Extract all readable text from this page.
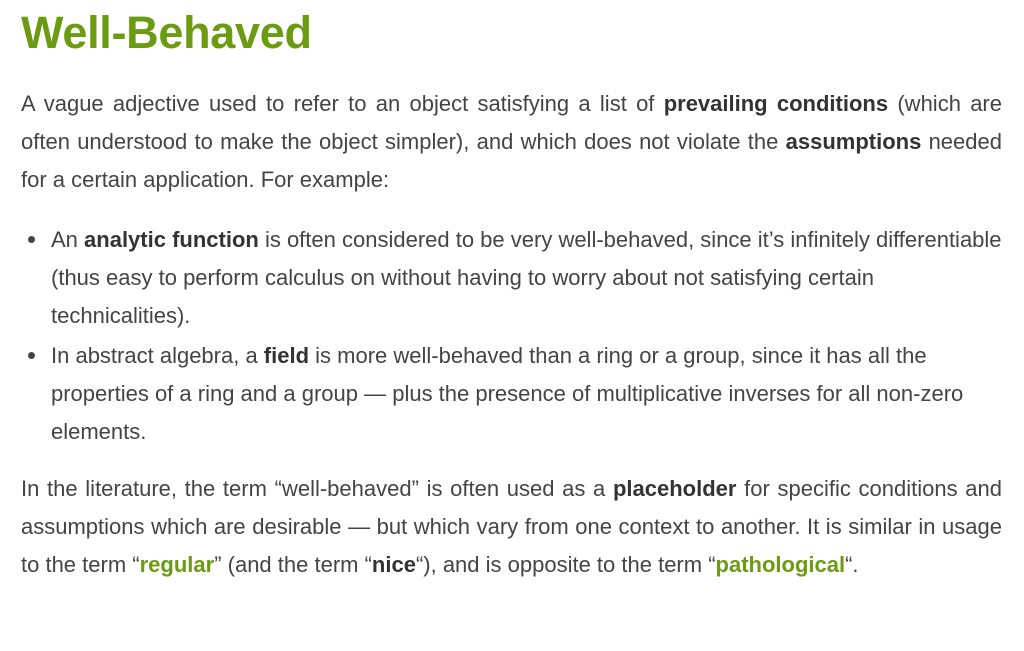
Well-Behaved

A vague adjective used to refer to an object satisfying a list of prevailing conditions (which are often understood to make the object simpler), and which does not violate the assumptions needed for a certain application. For example:

An analytic function is often considered to be very well-behaved, since it’s infinitely differentiable (thus easy to perform calculus on without having to worry about not satisfying certain technicalities).
In abstract algebra, a field is more well-behaved than a ring or a group, since it has all the properties of a ring and a group — plus the presence of multiplicative inverses for all non-zero elements.

In the literature, the term “well-behaved” is often used as a placeholder for specific conditions and assumptions which are desirable — but which vary from one context to another. It is similar in usage to the term “regular” (and the term “nice“), and is opposite to the term “pathological“.
